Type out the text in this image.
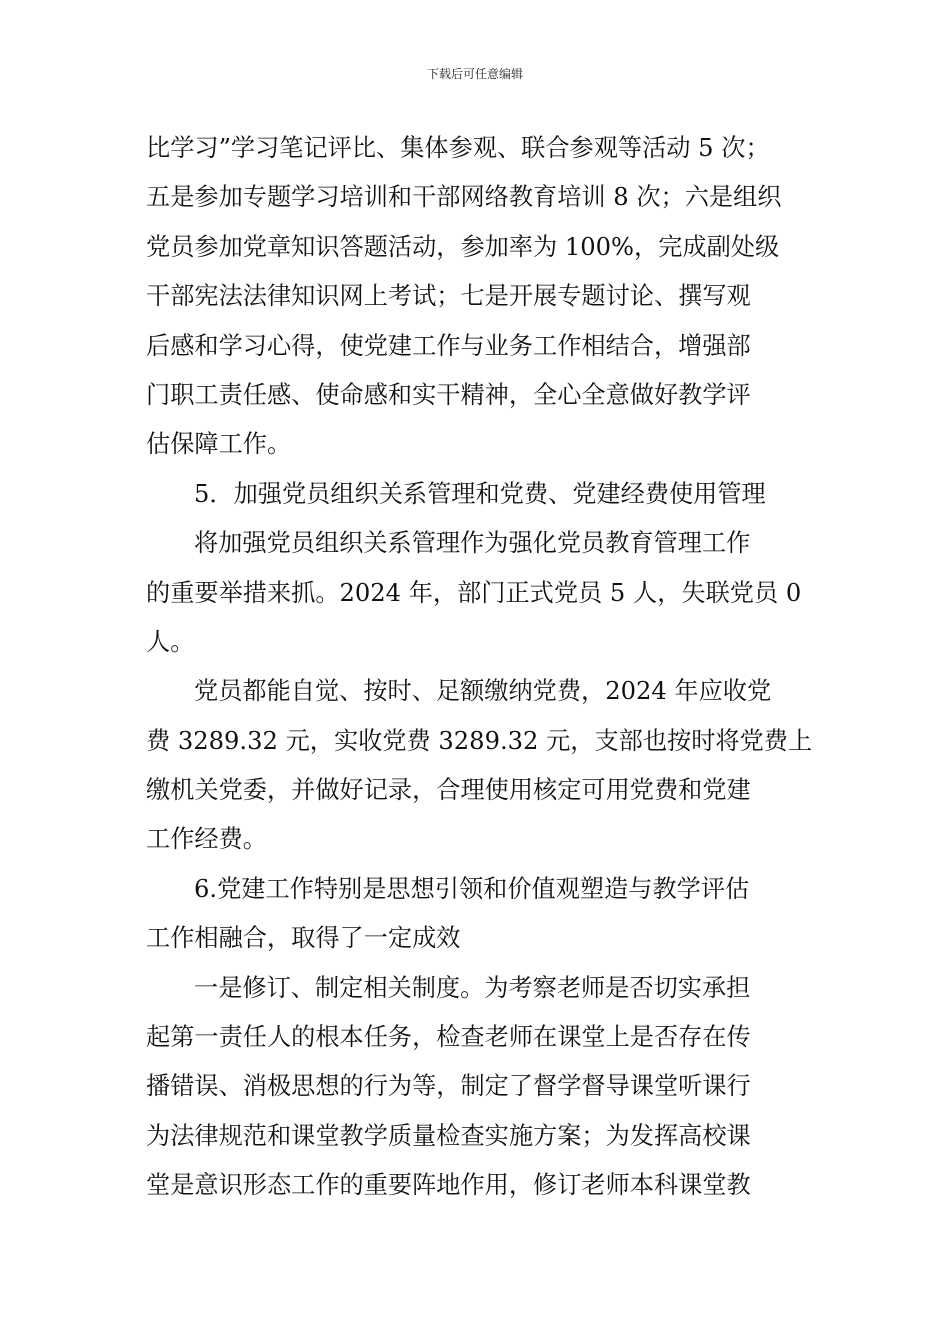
下载后可任意编辑
比学习”学习笔记评比、集体参观、联合参观等活动 5 次；
五是参加专题学习培训和干部网络教育培训 8 次；六是组织
党员参加党章知识答题活动，参加率为 100%，完成副处级
干部宪法法律知识网上考试；七是开展专题讨论、撰写观
后感和学习心得，使党建工作与业务工作相结合，增强部
门职工责任感、使命感和实干精神，全心全意做好教学评
估保障工作。
5．加强党员组织关系管理和党费、党建经费使用管理
将加强党员组织关系管理作为强化党员教育管理工作
的重要举措来抓。2024 年，部门正式党员 5 人，失联党员 0
人。
党员都能自觉、按时、足额缴纳党费，2024 年应收党
费 3289.32 元，实收党费 3289.32 元，支部也按时将党费上
缴机关党委，并做好记录，合理使用核定可用党费和党建
工作经费。
6.党建工作特别是思想引领和价值观塑造与教学评估
工作相融合，取得了一定成效
一是修订、制定相关制度。为考察老师是否切实承担
起第一责任人的根本任务，检查老师在课堂上是否存在传
播错误、消极思想的行为等，制定了督学督导课堂听课行
为法律规范和课堂教学质量检查实施方案；为发挥高校课
堂是意识形态工作的重要阵地作用，修订老师本科课堂教
